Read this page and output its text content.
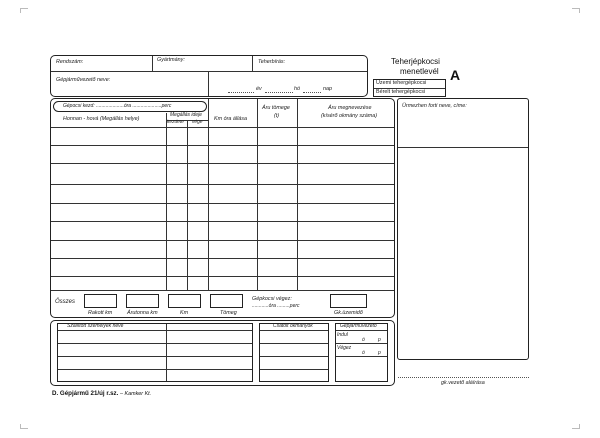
Rendszám:	Gyártmány:	Teherbírás:
Gépjárművezető neve:
év	hó	nap
Teherjépkocsi
menetlevél A
Üzemi tehergépkocsi
Bérelt tehergépkocsi
Gépocsi kezd: ....................óra .....................perc
Honnan - hová (Megállás helye)
Megállás ideje
kezdete vége
Km óra állása
Áru tömege
(t)
Áru megnevezése
(kísérő okmány száma)
Összes
Rakott km	Árutonna km	Km	Tömeg
Gépkocsi végez:
............óra .........perc
Gk.üzemidő
Ürmezhen forti neve, címe:
Szállított személyek neve	Csatolt okmányok	Gépjárművezető
Indul
ó	p
Végez
ó	p
gk.vezető aláírása
D. Gépjármű 21/új r.sz. – Kamker Kt.
